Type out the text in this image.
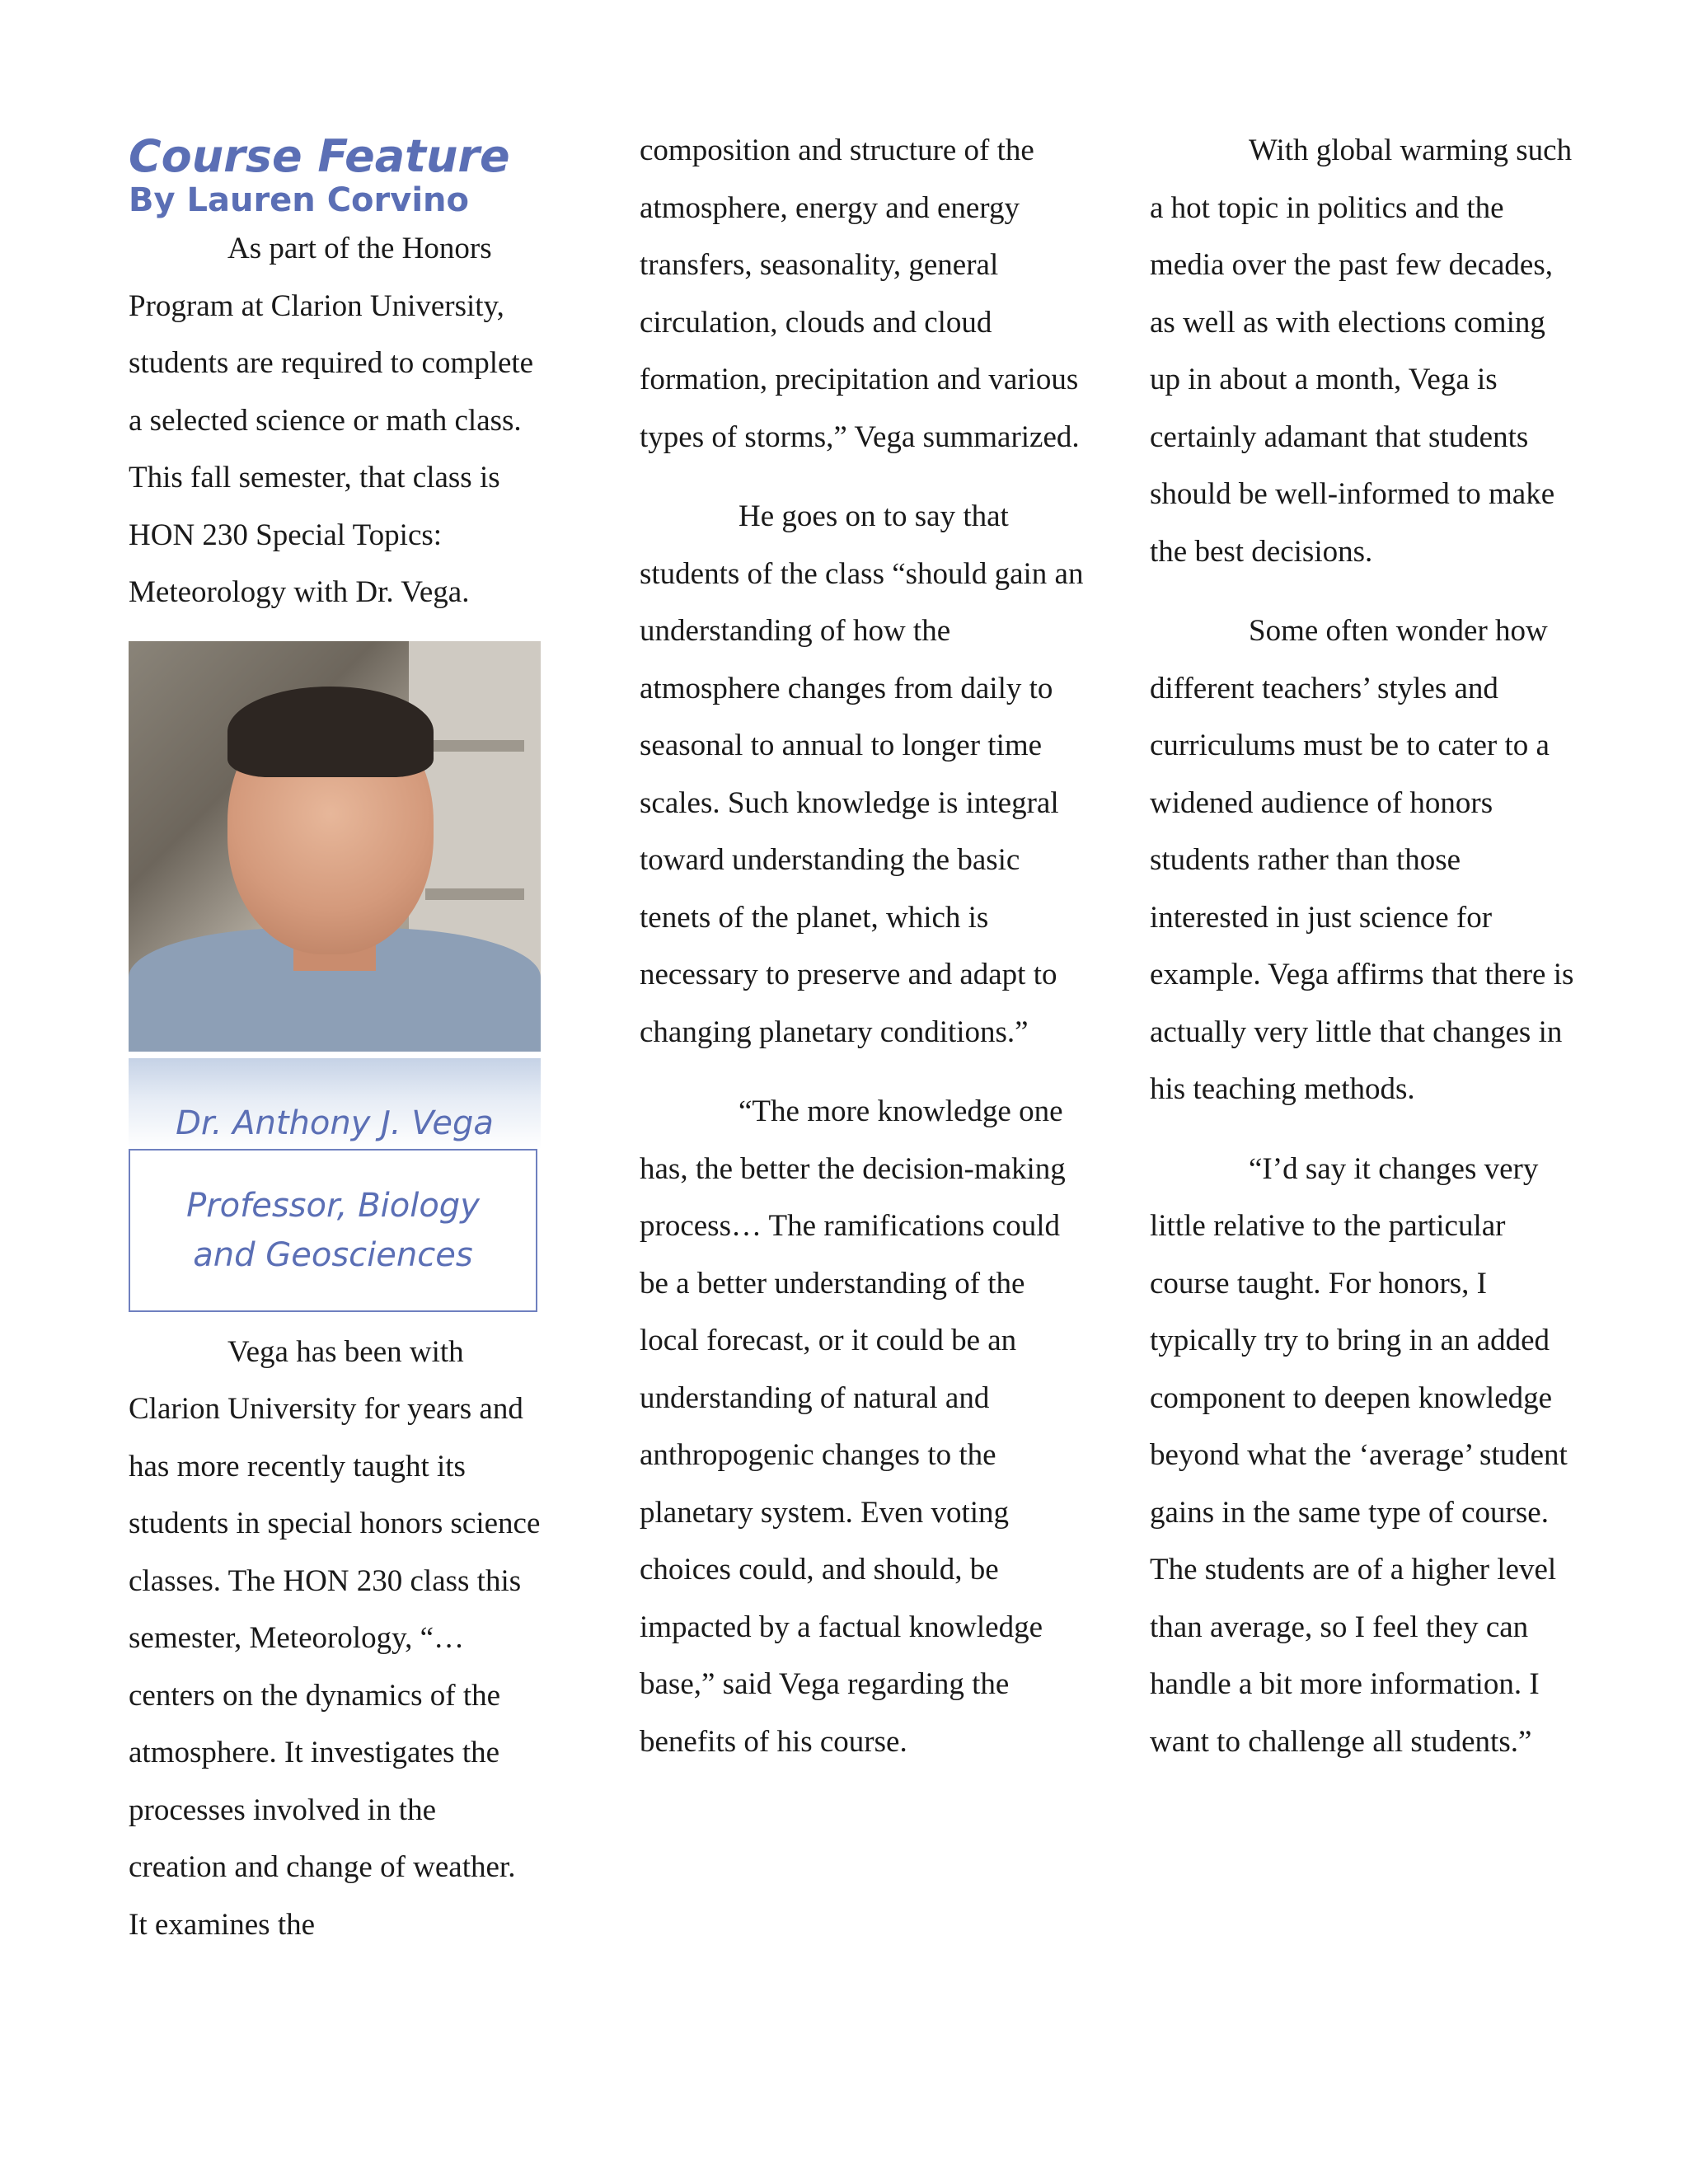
Course Feature
By Lauren Corvino

As part of the Honors Program at Clarion University, students are required to complete a selected science or math class. This fall semester, that class is HON 230 Special Topics: Meteorology with Dr. Vega.

Dr. Anthony J. Vega
Professor, Biology
and Geosciences

Vega has been with Clarion University for years and has more recently taught its students in special honors science classes. The HON 230 class this semester, Meteorology, “…centers on the dynamics of the atmosphere. It investigates the processes involved in the creation and change of weather. It examines the

composition and structure of the atmosphere, energy and energy transfers, seasonality, general circulation, clouds and cloud formation, precipitation and various types of storms,” Vega summarized.

He goes on to say that students of the class “should gain an understanding of how the atmosphere changes from daily to seasonal to annual to longer time scales. Such knowledge is integral toward understanding the basic tenets of the planet, which is necessary to preserve and adapt to changing planetary conditions.”

“The more knowledge one has, the better the decision-making process… The ramifications could be a better understanding of the local forecast, or it could be an understanding of natural and anthropogenic changes to the planetary system. Even voting choices could, and should, be impacted by a factual knowledge base,” said Vega regarding the benefits of his course.

With global warming such a hot topic in politics and the media over the past few decades, as well as with elections coming up in about a month, Vega is certainly adamant that students should be well-informed to make the best decisions.

Some often wonder how different teachers’ styles and curriculums must be to cater to a widened audience of honors students rather than those interested in just science for example. Vega affirms that there is actually very little that changes in his teaching methods.

“I’d say it changes very little relative to the particular course taught. For honors, I typically try to bring in an added component to deepen knowledge beyond what the ‘average’ student gains in the same type of course. The students are of a higher level than average, so I feel they can handle a bit more information. I want to challenge all students.”
